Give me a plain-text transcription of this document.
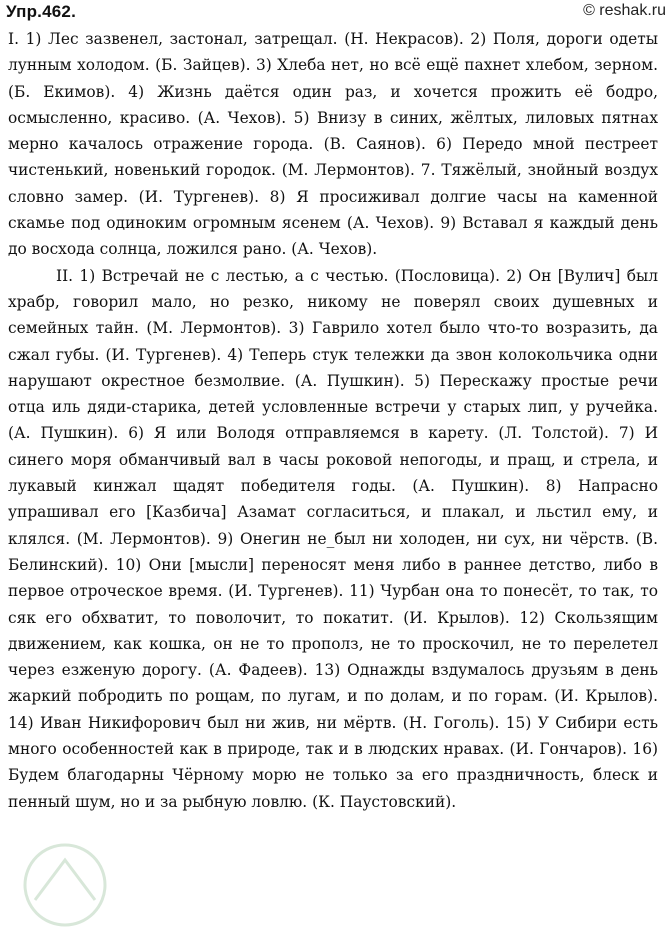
Упр.462.	© reshak.ru

I. 1) Лес зазвенел, застонал, затрещал. (Н. Некрасов). 2) Поля, дороги одеты лунным холодом. (Б. Зайцев). 3) Хлеба нет, но всё ещё пахнет хлебом, зерном. (Б. Екимов). 4) Жизнь даётся один раз, и хочется прожить её бодро, осмысленно, красиво. (А. Чехов). 5) Внизу в синих, жёлтых, лиловых пятнах мерно качалось отражение города. (В. Саянов). 6) Передо мной пестреет чистенький, новенький городок. (М. Лермонтов). 7. Тяжёлый, знойный воздух словно замер. (И. Тургенев). 8) Я просиживал долгие часы на каменной скамье под одиноким огромным ясенем (А. Чехов). 9) Вставал я каждый день до восхода солнца, ложился рано. (А. Чехов).

II. 1) Встречай не с лестью, а с честью. (Пословица). 2) Он [Вулич] был храбр, говорил мало, но резко, никому не поверял своих душевных и семейных тайн. (М. Лермонтов). 3) Гаврило хотел было что-то возразить, да сжал губы. (И. Тургенев). 4) Теперь стук тележки да звон колокольчика одни нарушают окрестное безмолвие. (А. Пушкин). 5) Перескажу простые речи отца иль дяди-старика, детей условленные встречи у старых лип, у ручейка. (А. Пушкин). 6) Я или Володя отправляемся в карету. (Л. Толстой). 7) И синего моря обманчивый вал в часы роковой непогоды, и пращ, и стрела, и лукавый кинжал щадят победителя годы. (А. Пушкин). 8) Напрасно упрашивал его [Казбича] Азамат согласиться, и плакал, и льстил ему, и клялся. (М. Лермонтов). 9) Онегин не_был ни холоден, ни сух, ни чёрств. (В. Белинский). 10) Они [мысли] переносят меня либо в раннее детство, либо в первое отроческое время. (И. Тургенев). 11) Чурбан она то понесёт, то так, то сяк его обхватит, то поволочит, то покатит. (И. Крылов). 12) Скользящим движением, как кошка, он не то прополз, не то проскочил, не то перелетел через езженую дорогу. (А. Фадеев). 13) Однажды вздумалось друзьям в день жаркий побродить по рощам, по лугам, и по долам, и по горам. (И. Крылов). 14) Иван Никифорович был ни жив, ни мёртв. (Н. Гоголь). 15) У Сибири есть много особенностей как в природе, так и в людских нравах. (И. Гончаров). 16) Будем благодарны Чёрному морю не только за его праздничность, блеск и пенный шум, но и за рыбную ловлю. (К. Паустовский).
